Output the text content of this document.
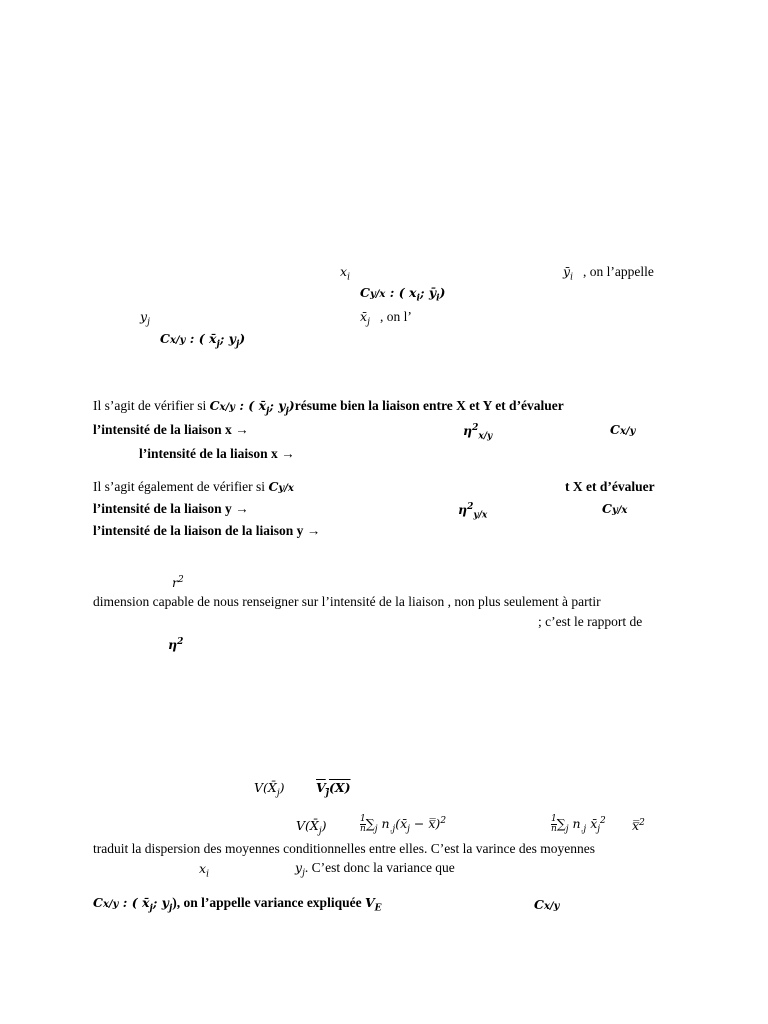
$x_i$	$ȳ_i$ , on l’appelle
Cy/x : ( $x_i$; $ȳ_i$)
$y_j$	$x̄_j$ , on l’
Cx/y : ( $x̄_j$; $y_j$)
Il s’agit de vérifier si Cx/y : ( $x̄_j$; $y_j)résume$ bien la liaison entre X et Y et d’évaluer
l’intensité de la liaison x →	$\eta^2_{x/y}$	Cx/y
l’intensité de la liaison x →
Il s’agit également de vérifier si Cy/x	t X et d’évaluer
l’intensité de la liaison y →	$\eta^2_{y/x}$	Cy/x
l’intensité de la liaison de la liaison y →
$r^2$
dimension capable de nous renseigner sur l’intensité de la liaison , non plus seulement à partir
; c’est le rapport de
$\eta^2$
$V(X̄_j)$	$V_j(X)$
$V(X̄_j)$	$\frac{1}{n} \sum_j$ $n_{.j}(x̄_j$ − x̿)$^2$	$\frac{1}{n} \sum_j$ $n_{.j}$ $x̄_j^2$ x̿$^2$
traduit la dispersion des moyennes conditionnelles entre elles. C’est la varince des moyennes
$x_i$	$y_j$. C’est donc la variance que
Cx/y : ( $x̄_j$; $y_j$), on l’appelle variance expliquée $V_E$	Cx/y
